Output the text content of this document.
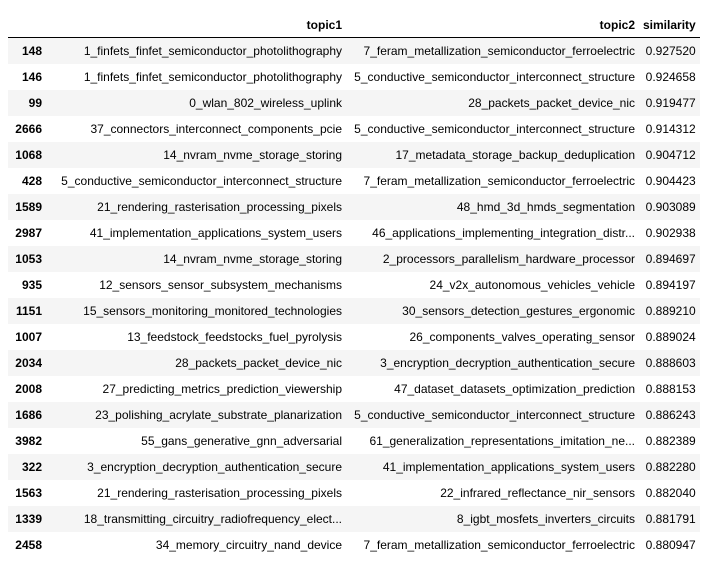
	topic1	topic2	similarity
148	1_finfets_finfet_semiconductor_photolithography	7_feram_metallization_semiconductor_ferroelectric	0.927520
146	1_finfets_finfet_semiconductor_photolithography	5_conductive_semiconductor_interconnect_structure	0.924658
99	0_wlan_802_wireless_uplink	28_packets_packet_device_nic	0.919477
2666	37_connectors_interconnect_components_pcie	5_conductive_semiconductor_interconnect_structure	0.914312
1068	14_nvram_nvme_storage_storing	17_metadata_storage_backup_deduplication	0.904712
428	5_conductive_semiconductor_interconnect_structure	7_feram_metallization_semiconductor_ferroelectric	0.904423
1589	21_rendering_rasterisation_processing_pixels	48_hmd_3d_hmds_segmentation	0.903089
2987	41_implementation_applications_system_users	46_applications_implementing_integration_distr...	0.902938
1053	14_nvram_nvme_storage_storing	2_processors_parallelism_hardware_processor	0.894697
935	12_sensors_sensor_subsystem_mechanisms	24_v2x_autonomous_vehicles_vehicle	0.894197
1151	15_sensors_monitoring_monitored_technologies	30_sensors_detection_gestures_ergonomic	0.889210
1007	13_feedstock_feedstocks_fuel_pyrolysis	26_components_valves_operating_sensor	0.889024
2034	28_packets_packet_device_nic	3_encryption_decryption_authentication_secure	0.888603
2008	27_predicting_metrics_prediction_viewership	47_dataset_datasets_optimization_prediction	0.888153
1686	23_polishing_acrylate_substrate_planarization	5_conductive_semiconductor_interconnect_structure	0.886243
3982	55_gans_generative_gnn_adversarial	61_generalization_representations_imitation_ne...	0.882389
322	3_encryption_decryption_authentication_secure	41_implementation_applications_system_users	0.882280
1563	21_rendering_rasterisation_processing_pixels	22_infrared_reflectance_nir_sensors	0.882040
1339	18_transmitting_circuitry_radiofrequency_elect...	8_igbt_mosfets_inverters_circuits	0.881791
2458	34_memory_circuitry_nand_device	7_feram_metallization_semiconductor_ferroelectric	0.880947
